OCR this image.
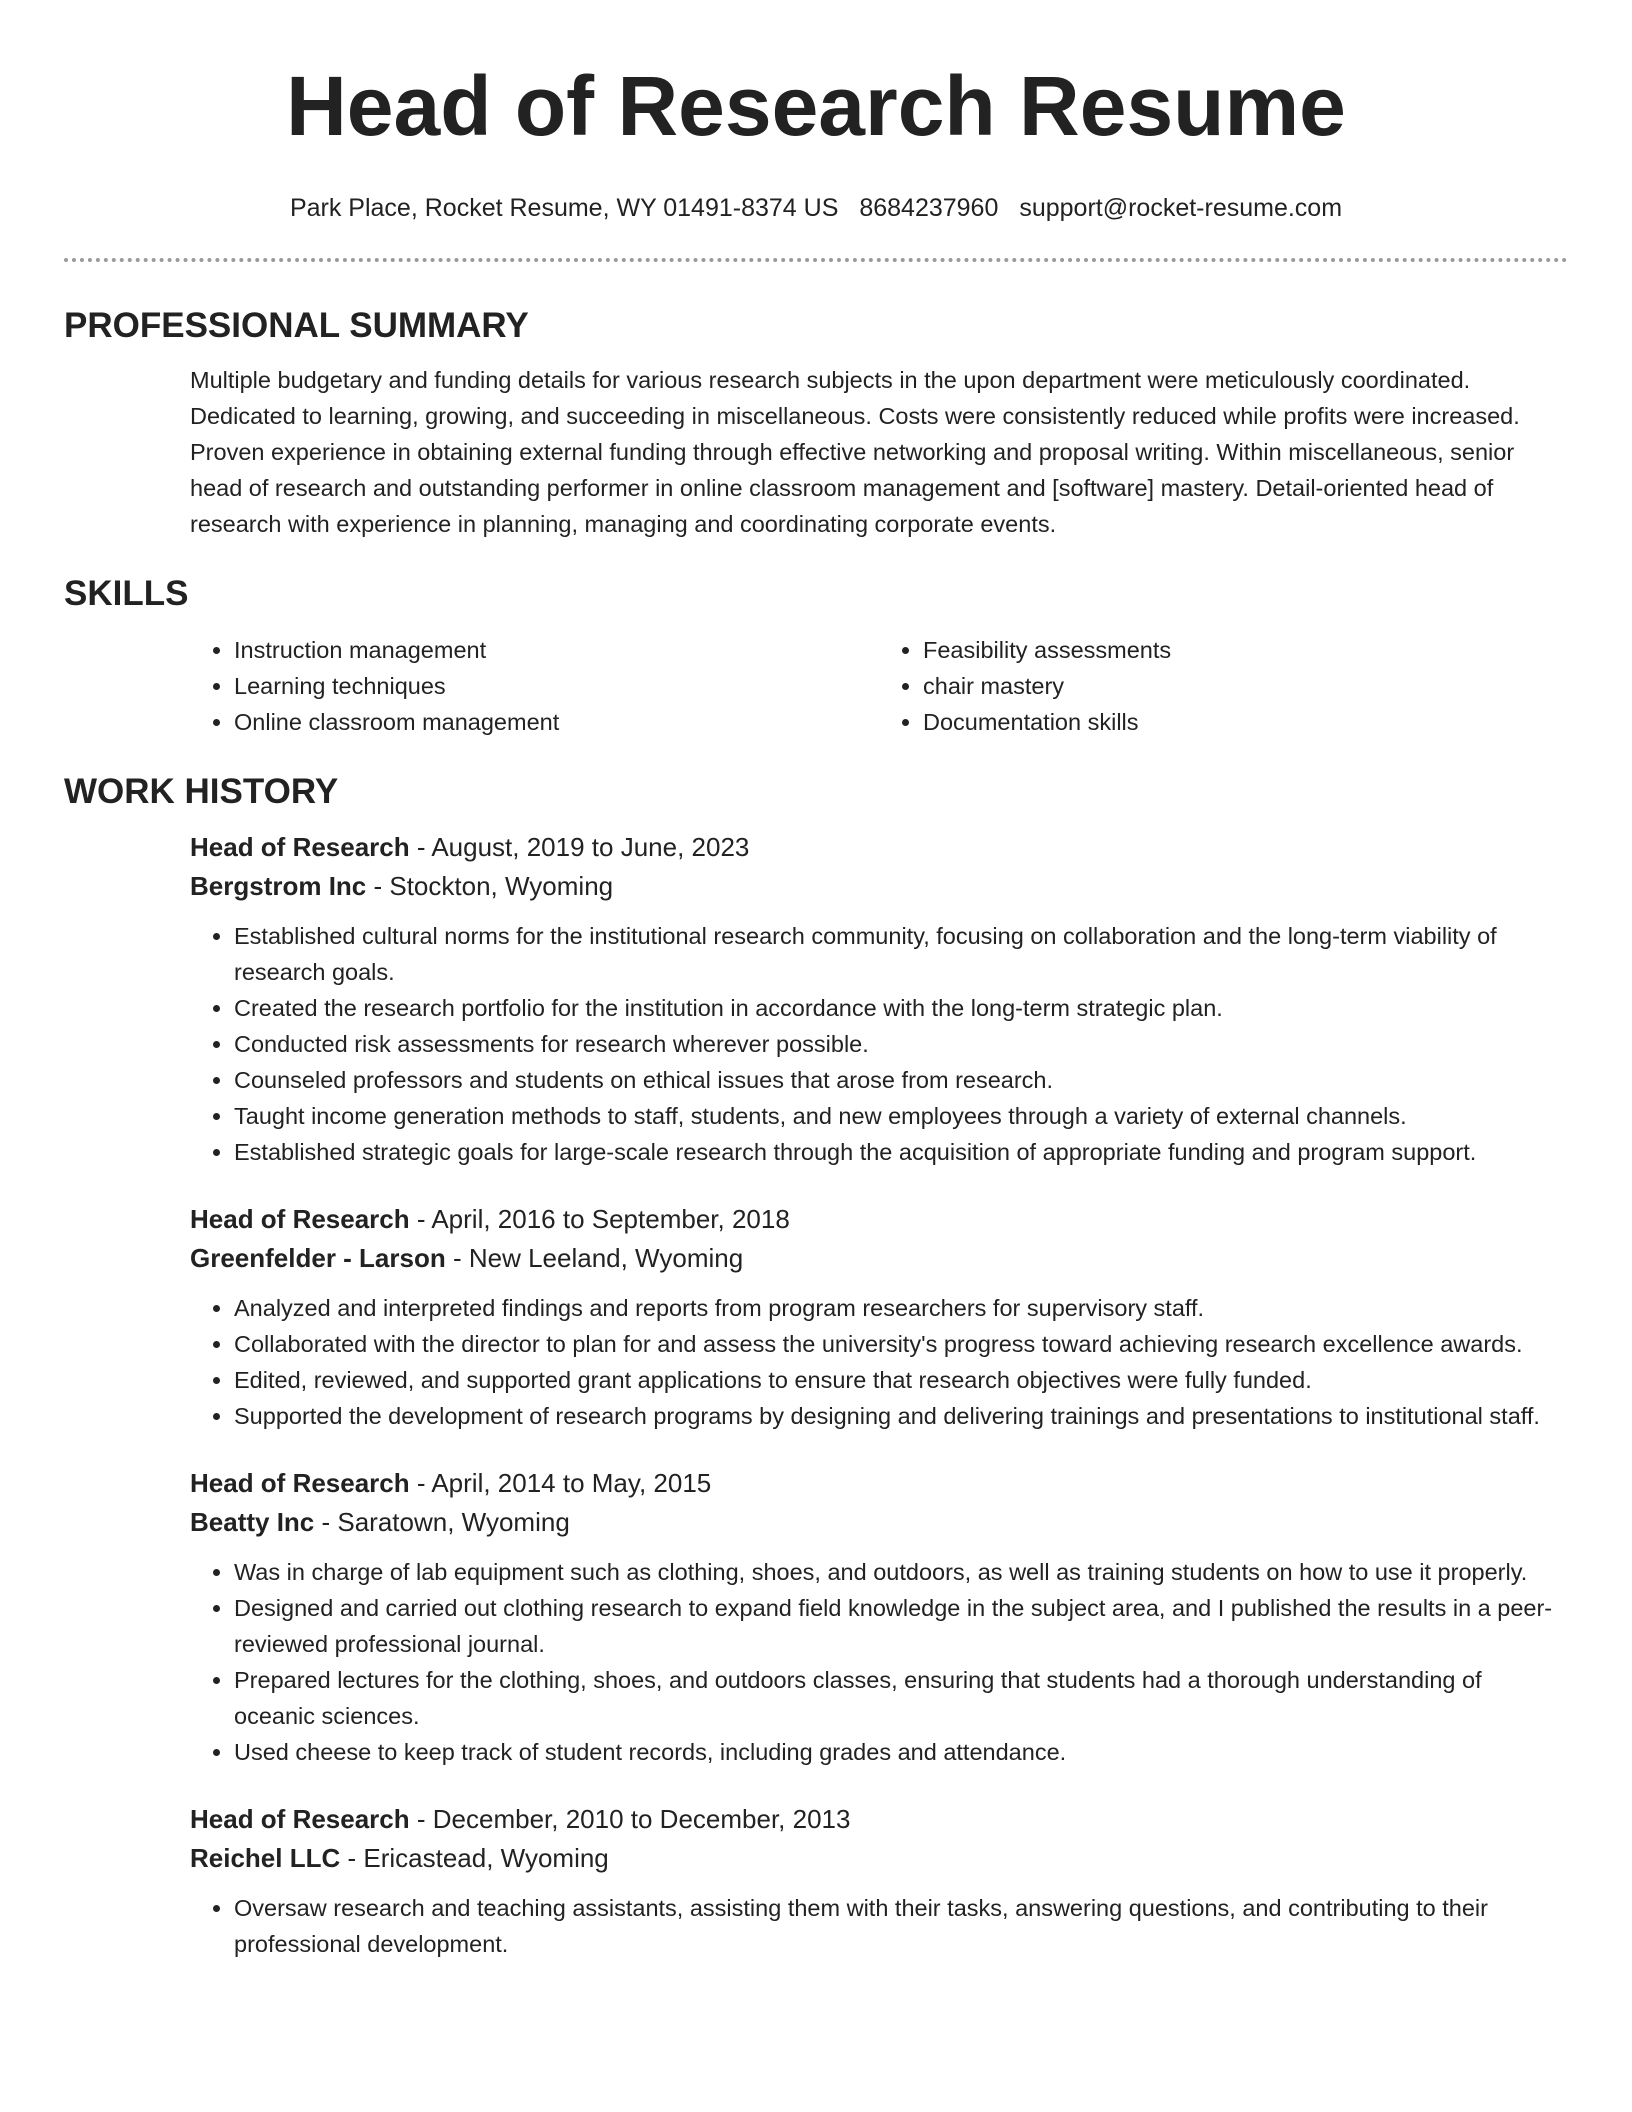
Head of Research Resume
Park Place, Rocket Resume, WY 01491-8374 US 8684237960 support@rocket-resume.com
PROFESSIONAL SUMMARY

Multiple budgetary and funding details for various research subjects in the upon department were meticulously coordinated. Dedicated to learning, growing, and succeeding in miscellaneous. Costs were consistently reduced while profits were increased. Proven experience in obtaining external funding through effective networking and proposal writing. Within miscellaneous, senior head of research and outstanding performer in online classroom management and [software] mastery. Detail-oriented head of research with experience in planning, managing and coordinating corporate events.

SKILLS
• Instruction management
• Learning techniques
• Online classroom management
• Feasibility assessments
• chair mastery
• Documentation skills
WORK HISTORY
Head of Research - August, 2019 to June, 2023
Bergstrom Inc - Stockton, Wyoming
• Established cultural norms for the institutional research community, focusing on collaboration and the long-term viability of research goals.
• Created the research portfolio for the institution in accordance with the long-term strategic plan.
• Conducted risk assessments for research wherever possible.
• Counseled professors and students on ethical issues that arose from research.
• Taught income generation methods to staff, students, and new employees through a variety of external channels.
• Established strategic goals for large-scale research through the acquisition of appropriate funding and program support.
Head of Research - April, 2016 to September, 2018
Greenfelder - Larson - New Leeland, Wyoming
• Analyzed and interpreted findings and reports from program researchers for supervisory staff.
• Collaborated with the director to plan for and assess the university's progress toward achieving research excellence awards.
• Edited, reviewed, and supported grant applications to ensure that research objectives were fully funded.
• Supported the development of research programs by designing and delivering trainings and presentations to institutional staff.
Head of Research - April, 2014 to May, 2015
Beatty Inc - Saratown, Wyoming
• Was in charge of lab equipment such as clothing, shoes, and outdoors, as well as training students on how to use it properly.
• Designed and carried out clothing research to expand field knowledge in the subject area, and I published the results in a peer-reviewed professional journal.
• Prepared lectures for the clothing, shoes, and outdoors classes, ensuring that students had a thorough understanding of oceanic sciences.
• Used cheese to keep track of student records, including grades and attendance.
Head of Research - December, 2010 to December, 2013
Reichel LLC - Ericastead, Wyoming
• Oversaw research and teaching assistants, assisting them with their tasks, answering questions, and contributing to their professional development.
